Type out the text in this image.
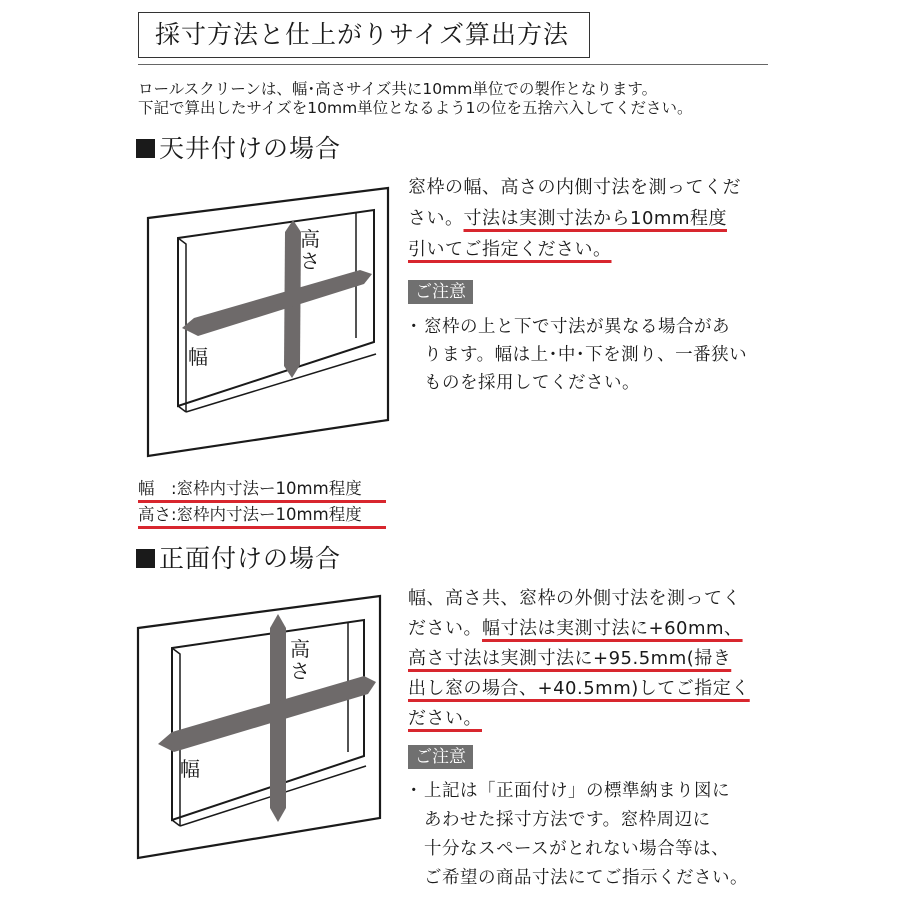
採寸方法と仕上がりサイズ算出方法
ロールスクリーンは、幅･高さサイズ共に10mm単位での製作となります。
下記で算出したサイズを10mm単位となるよう1の位を五捨六入してください。
天井付けの場合
高
さ
幅
窓枠の幅、高さの内側寸法を測ってくだ
さい。寸法は実測寸法から10mm程度
引いてご指定ください。
ご注意
・ 窓枠の上と下で寸法が異なる場合があ
ります。幅は上･中･下を測り、一番狭い
ものを採用してください。
幅　:窓枠内寸法ー10mm程度
高さ:窓枠内寸法ー10mm程度
正面付けの場合
高
さ
幅
幅、高さ共、窓枠の外側寸法を測ってく
ださい。幅寸法は実測寸法に+60mm、
高さ寸法は実測寸法に+95.5mm(掃き
出し窓の場合、+40.5mm)してご指定く
ださい。
ご注意
・ 上記は「正面付け」の標準納まり図に
あわせた採寸方法です。窓枠周辺に
十分なスペースがとれない場合等は、
ご希望の商品寸法にてご指示ください。
